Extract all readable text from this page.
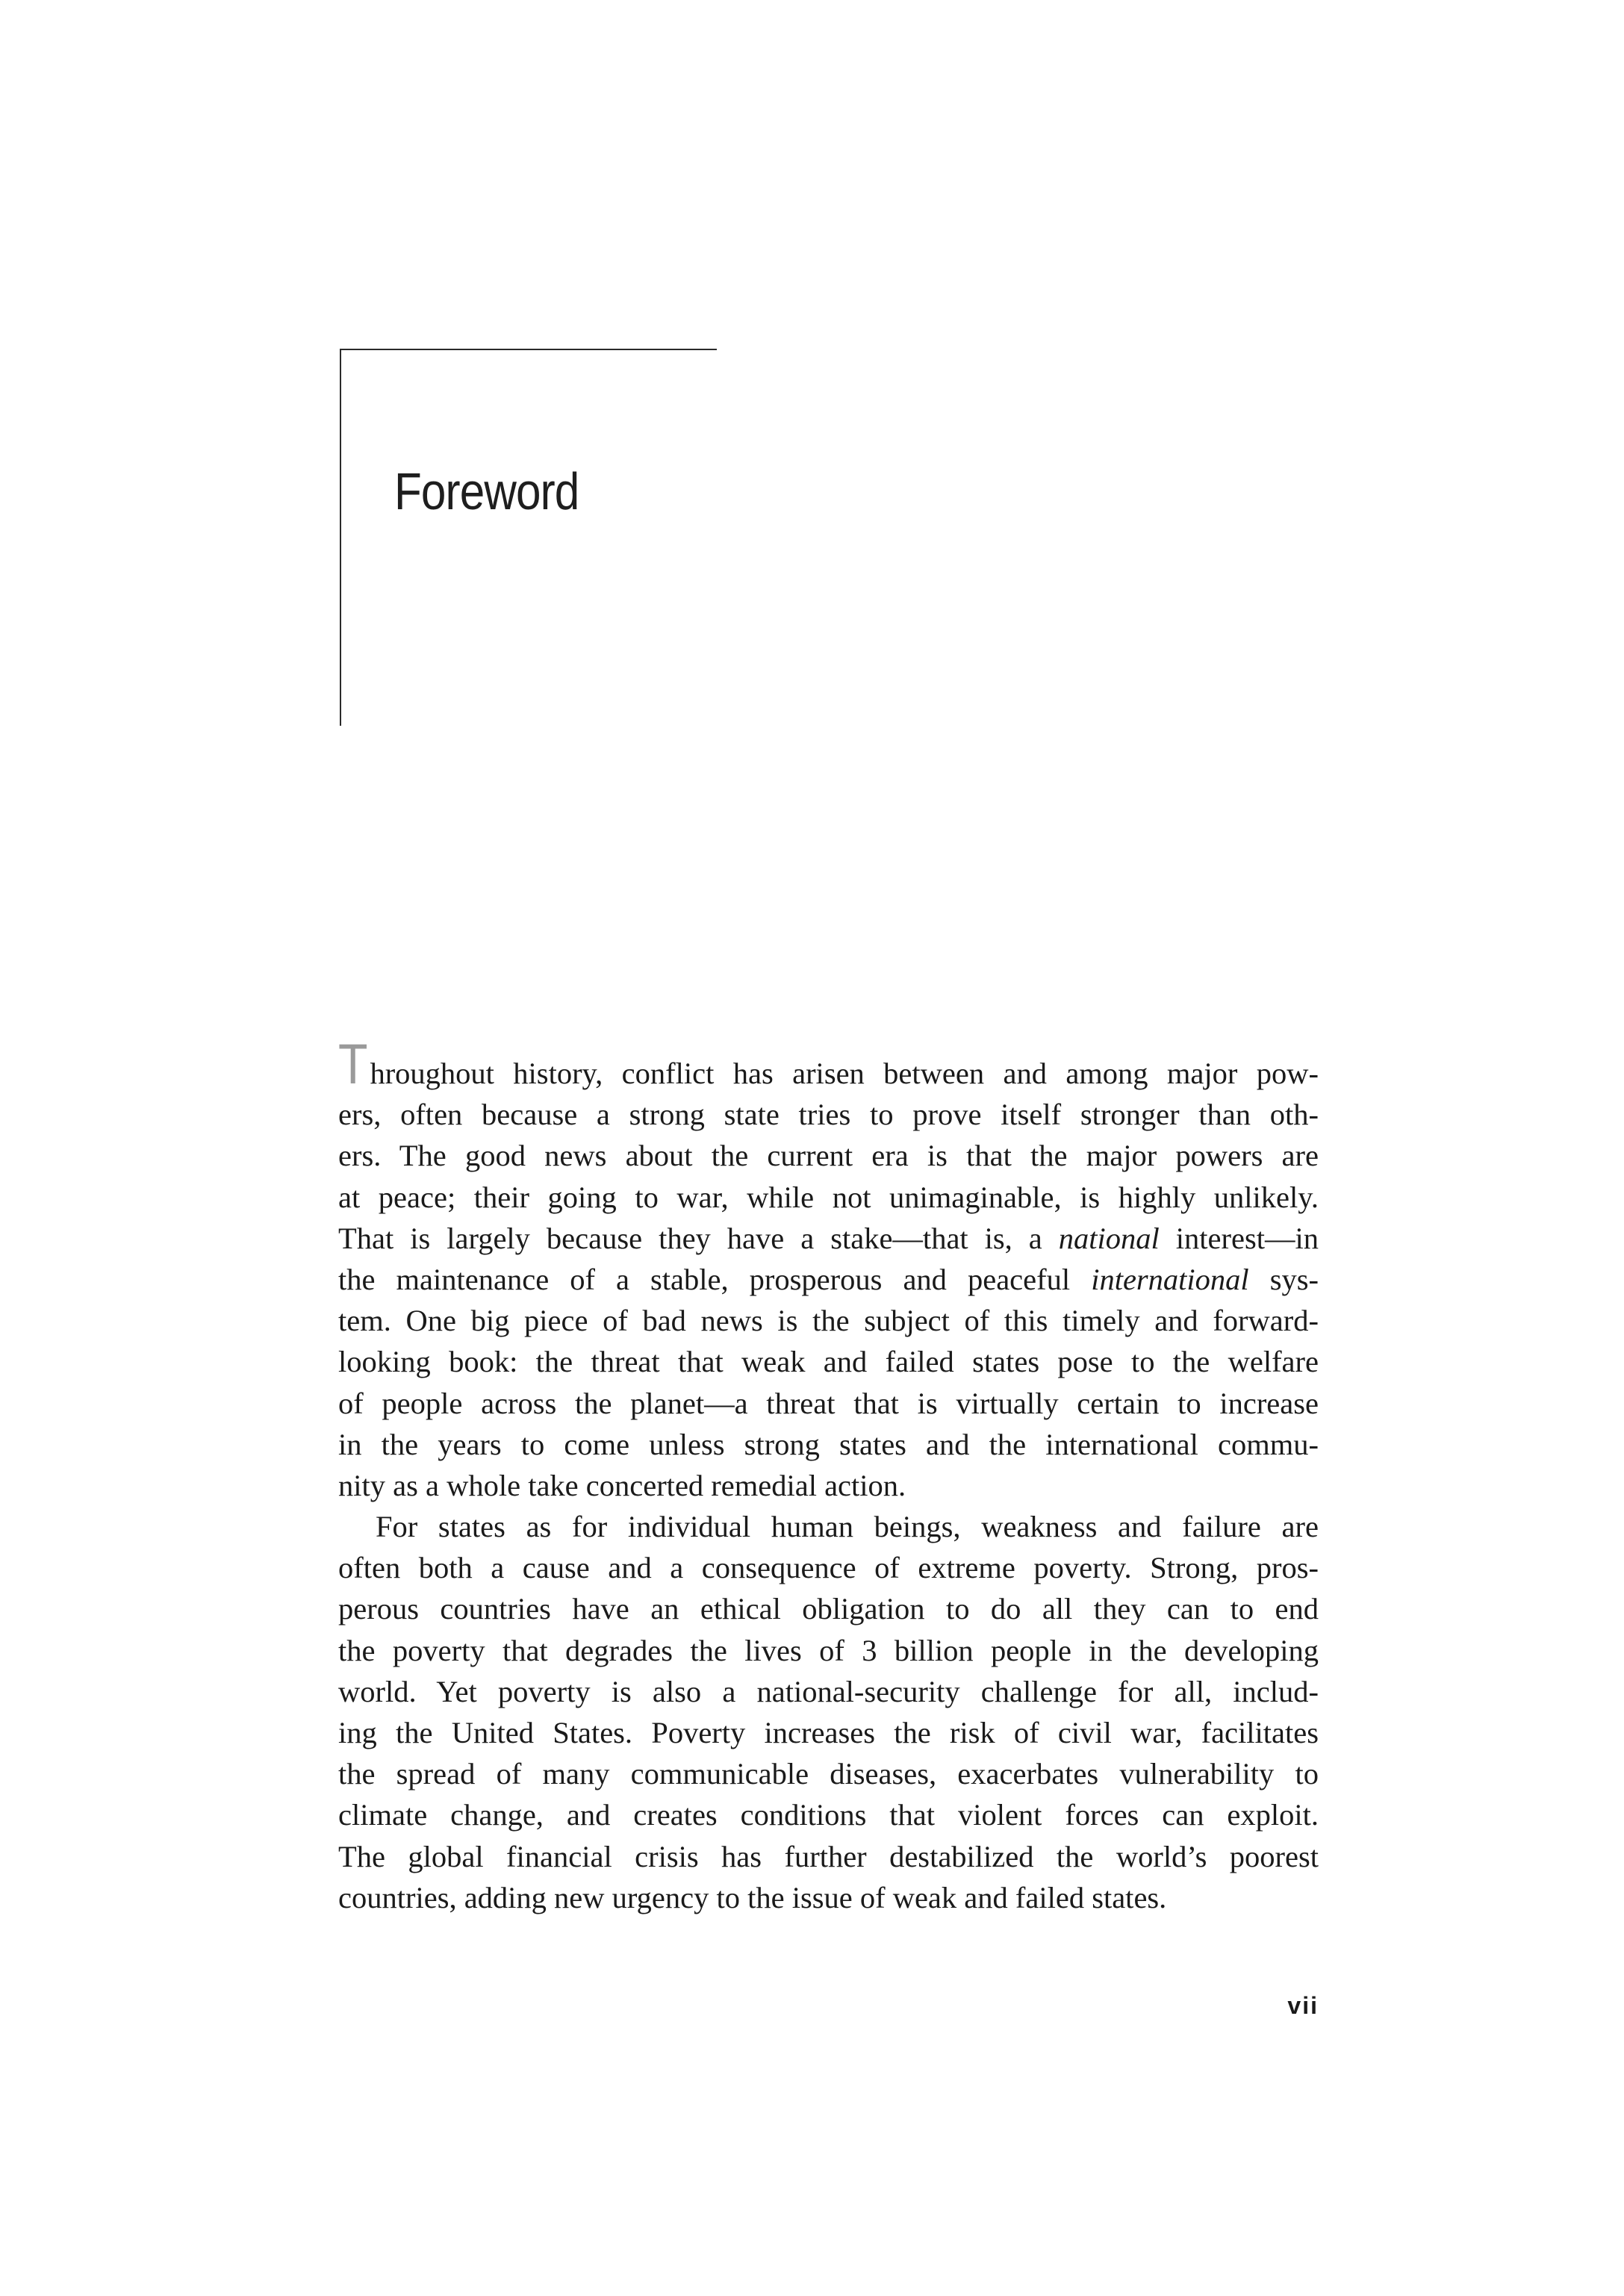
Foreword
Throughout history, conflict has arisen between and among major pow-
ers, often because a strong state tries to prove itself stronger than oth-
ers. The good news about the current era is that the major powers are
at peace; their going to war, while not unimaginable, is highly unlikely.
That is largely because they have a stake—that is, a national interest—in
the maintenance of a stable, prosperous and peaceful international sys-
tem. One big piece of bad news is the subject of this timely and forward-
looking book: the threat that weak and failed states pose to the welfare
of people across the planet—a threat that is virtually certain to increase
in the years to come unless strong states and the international commu-
nity as a whole take concerted remedial action.
For states as for individual human beings, weakness and failure are
often both a cause and a consequence of extreme poverty. Strong, pros-
perous countries have an ethical obligation to do all they can to end
the poverty that degrades the lives of 3 billion people in the developing
world. Yet poverty is also a national-security challenge for all, includ-
ing the United States. Poverty increases the risk of civil war, facilitates
the spread of many communicable diseases, exacerbates vulnerability to
climate change, and creates conditions that violent forces can exploit.
The global financial crisis has further destabilized the world’s poorest
countries, adding new urgency to the issue of weak and failed states.
vii
